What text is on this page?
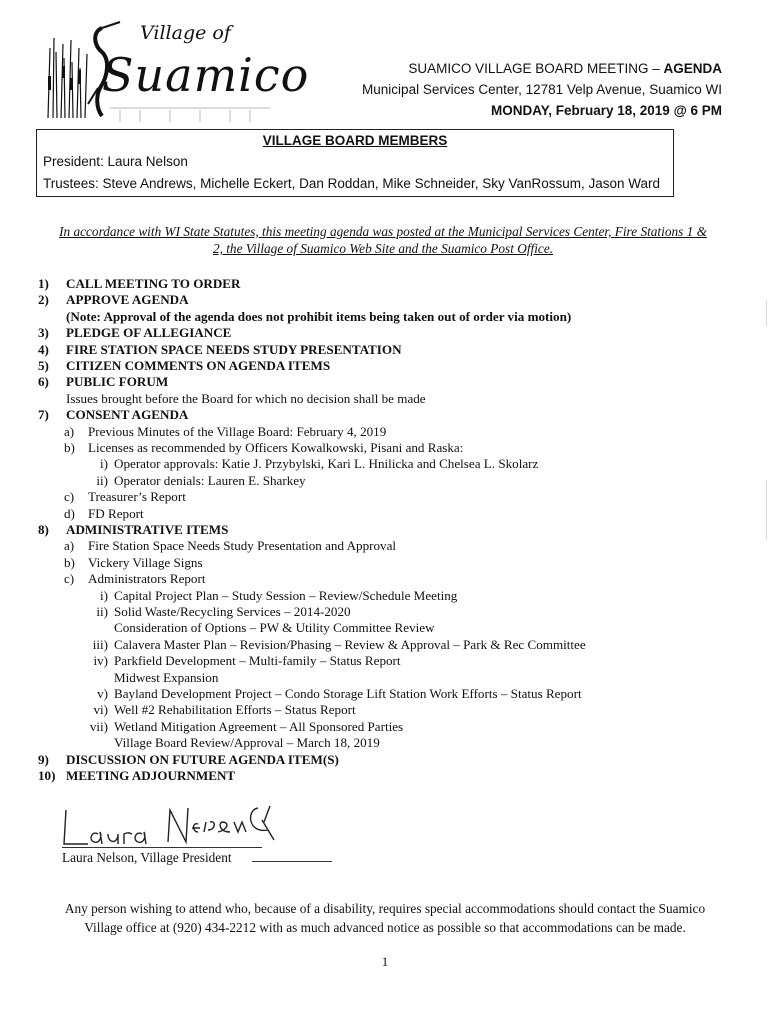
Village of
Suamico	SUAMICO VILLAGE BOARD MEETING – AGENDA
Municipal Services Center, 12781 Velp Avenue, Suamico WI
MONDAY, February 18, 2019 @ 6 PM
VILLAGE BOARD MEMBERS
President: Laura Nelson
Trustees: Steve Andrews, Michelle Eckert, Dan Roddan, Mike Schneider, Sky VanRossum, Jason Ward
In accordance with WI State Statutes, this meeting agenda was posted at the Municipal Services Center, Fire Stations 1 &
2, the Village of Suamico Web Site and the Suamico Post Office.
1) CALL MEETING TO ORDER
2) APPROVE AGENDA
(Note: Approval of the agenda does not prohibit items being taken out of order via motion)
3) PLEDGE OF ALLEGIANCE
4) FIRE STATION SPACE NEEDS STUDY PRESENTATION
5) CITIZEN COMMENTS ON AGENDA ITEMS
6) PUBLIC FORUM
Issues brought before the Board for which no decision shall be made
7) CONSENT AGENDA
a) Previous Minutes of the Village Board: February 4, 2019
b) Licenses as recommended by Officers Kowalkowski, Pisani and Raska:
i) Operator approvals: Katie J. Przybylski, Kari L. Hnilicka and Chelsea L. Skolarz
ii) Operator denials: Lauren E. Sharkey
c) Treasurer’s Report
d) FD Report
8) ADMINISTRATIVE ITEMS
a) Fire Station Space Needs Study Presentation and Approval
b) Vickery Village Signs
c) Administrators Report
i) Capital Project Plan – Study Session – Review/Schedule Meeting
ii) Solid Waste/Recycling Services – 2014-2020
Consideration of Options – PW & Utility Committee Review
iii) Calavera Master Plan – Revision/Phasing – Review & Approval – Park & Rec Committee
iv) Parkfield Development – Multi-family – Status Report
Midwest Expansion
v) Bayland Development Project – Condo Storage Lift Station Work Efforts – Status Report
vi) Well #2 Rehabilitation Efforts – Status Report
vii) Wetland Mitigation Agreement – All Sponsored Parties
Village Board Review/Approval – March 18, 2019
9) DISCUSSION ON FUTURE AGENDA ITEM(S)
10) MEETING ADJOURNMENT
Laura Nelson, Village President
Any person wishing to attend who, because of a disability, requires special accommodations should contact the Suamico
Village office at (920) 434-2212 with as much advanced notice as possible so that accommodations can be made.
1
